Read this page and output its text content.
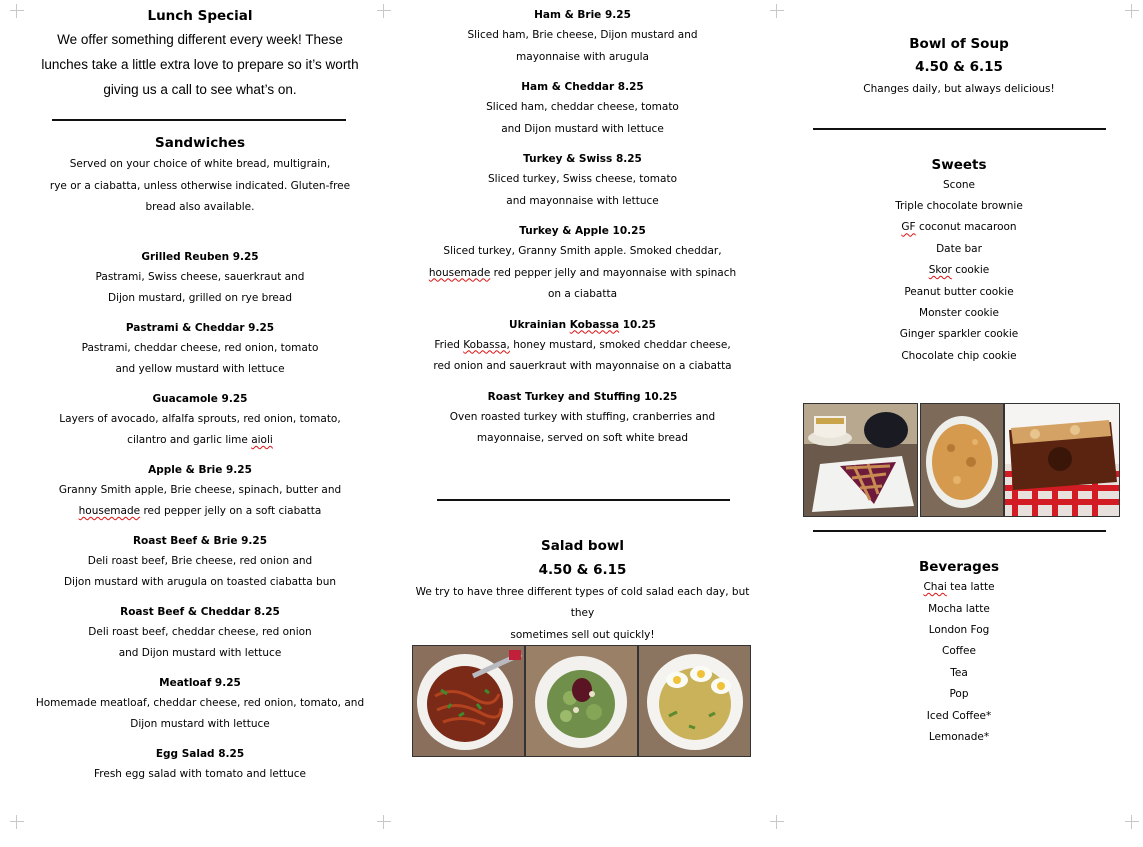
Lunch Special
We offer something different every week! These
lunches take a little extra love to prepare so it’s worth
giving us a call to see what’s on.
Sandwiches
Served on your choice of white bread, multigrain,
rye or a ciabatta, unless otherwise indicated. Gluten-free
bread also available.
Grilled Reuben 9.25
Pastrami, Swiss cheese, sauerkraut and
Dijon mustard, grilled on rye bread
Pastrami & Cheddar 9.25
Pastrami, cheddar cheese, red onion, tomato
and yellow mustard with lettuce
Guacamole 9.25
Layers of avocado, alfalfa sprouts, red onion, tomato,
cilantro and garlic lime aioli
Apple & Brie 9.25
Granny Smith apple, Brie cheese, spinach, butter and
housemade red pepper jelly on a soft ciabatta
Roast Beef & Brie 9.25
Deli roast beef, Brie cheese, red onion and
Dijon mustard with arugula on toasted ciabatta bun
Roast Beef & Cheddar 8.25
Deli roast beef, cheddar cheese, red onion
and Dijon mustard with lettuce
Meatloaf 9.25
Homemade meatloaf, cheddar cheese, red onion, tomato, and
Dijon mustard with lettuce
Egg Salad 8.25
Fresh egg salad with tomato and lettuce
Ham & Brie 9.25
Sliced ham, Brie cheese, Dijon mustard and
mayonnaise with arugula
Ham & Cheddar 8.25
Sliced ham, cheddar cheese, tomato
and Dijon mustard with lettuce
Turkey & Swiss 8.25
Sliced turkey, Swiss cheese, tomato
and mayonnaise with lettuce
Turkey & Apple 10.25
Sliced turkey, Granny Smith apple. Smoked cheddar,
housemade red pepper jelly and mayonnaise with spinach
on a ciabatta
Ukrainian Kobassa 10.25
Fried Kobassa, honey mustard, smoked cheddar cheese,
red onion and sauerkraut with mayonnaise on a ciabatta
Roast Turkey and Stuffing 10.25
Oven roasted turkey with stuffing, cranberries and
mayonnaise, served on soft white bread
Salad bowl
4.50 & 6.15
We try to have three different types of cold salad each day, but they
sometimes sell out quickly!
Bowl of Soup
4.50 & 6.15
Changes daily, but always delicious!
Sweets
Scone
Triple chocolate brownie
GF coconut macaroon
Date bar
Skor cookie
Peanut butter cookie
Monster cookie
Ginger sparkler cookie
Chocolate chip cookie
Beverages
Chai tea latte
Mocha latte
London Fog
Coffee
Tea
Pop
Iced Coffee*
Lemonade*
